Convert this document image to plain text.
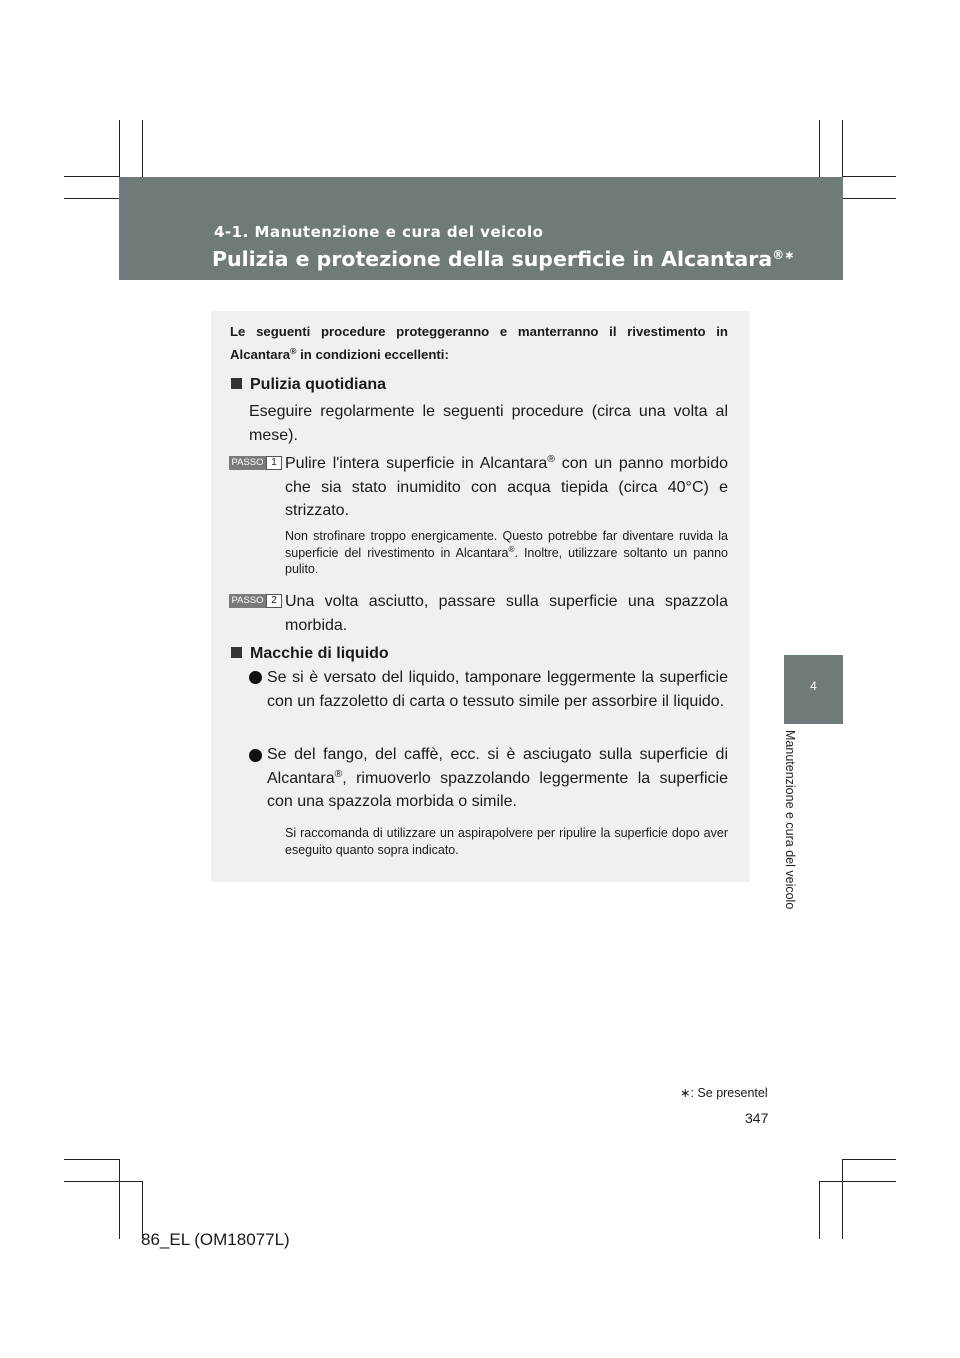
4-1. Manutenzione e cura del veicolo
Pulizia e protezione della superficie in Alcantara®∗
4
Manutenzione e cura del veicolo
Le seguenti procedure proteggeranno e manterranno il rivestimento in Alcantara® in condizioni eccellenti:
Pulizia quotidiana
Eseguire regolarmente le seguenti procedure (circa una volta al mese).
PASSO 1 Pulire l'intera superficie in Alcantara® con un panno morbido che sia stato inumidito con acqua tiepida (circa 40°C) e strizzato.
Non strofinare troppo energicamente. Questo potrebbe far diventare ruvida la superficie del rivestimento in Alcantara®. Inoltre, utilizzare soltanto un panno pulito.
PASSO 2 Una volta asciutto, passare sulla superficie una spazzola morbida.
Macchie di liquido
Se si è versato del liquido, tamponare leggermente la superficie con un fazzoletto di carta o tessuto simile per assorbire il liquido.
Se del fango, del caffè, ecc. si è asciugato sulla superficie di Alcantara®, rimuoverlo spazzolando leggermente la superficie con una spazzola morbida o simile.
Si raccomanda di utilizzare un aspirapolvere per ripulire la superficie dopo aver eseguito quanto sopra indicato.
∗: Se presentel
347
86_EL (OM18077L)
